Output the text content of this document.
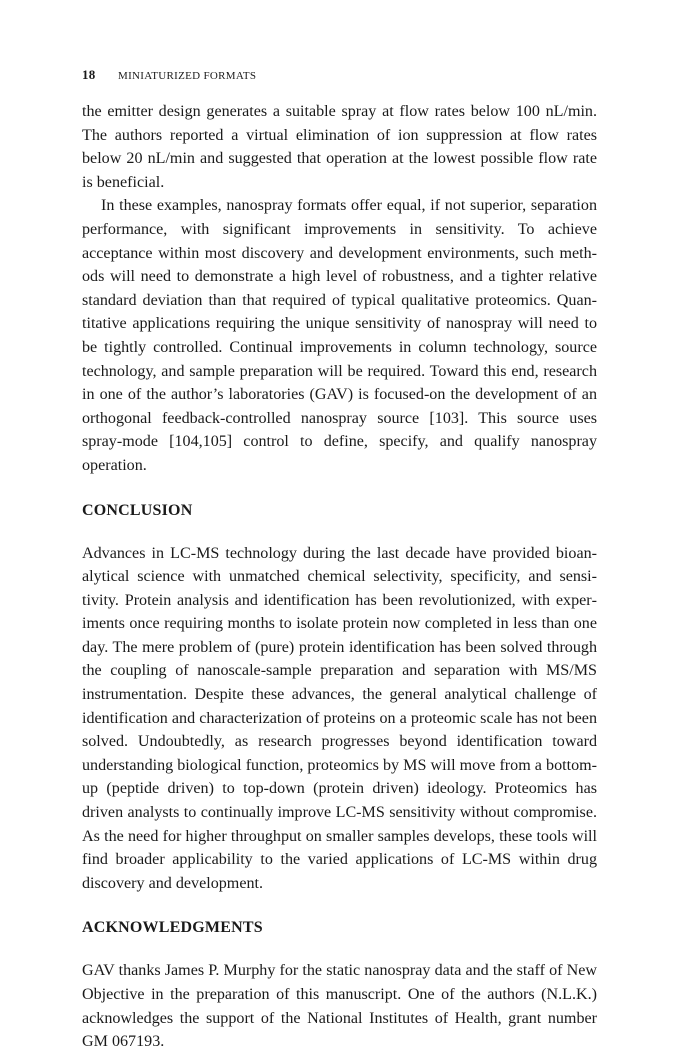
18 MINIATURIZED FORMATS

the emitter design generates a suitable spray at flow rates below 100 nL/min. The authors reported a virtual elimination of ion suppression at flow rates below 20 nL/min and suggested that operation at the lowest possible flow rate is beneficial.

In these examples, nanospray formats offer equal, if not superior, separation performance, with significant improvements in sensitivity. To achieve acceptance within most discovery and development environments, such methods will need to demonstrate a high level of robustness, and a tighter relative standard deviation than that required of typical qualitative proteomics. Quantitative applications requiring the unique sensitivity of nanospray will need to be tightly controlled. Continual improvements in column technology, source technology, and sample preparation will be required. Toward this end, research in one of the author’s laboratories (GAV) is focused-on the development of an orthogonal feedback-controlled nanospray source [103]. This source uses spray-mode [104,105] control to define, specify, and qualify nanospray operation.

CONCLUSION

Advances in LC-MS technology during the last decade have provided bioanalytical science with unmatched chemical selectivity, specificity, and sensitivity. Protein analysis and identification has been revolutionized, with experiments once requiring months to isolate protein now completed in less than one day. The mere problem of (pure) protein identification has been solved through the coupling of nanoscale-sample preparation and separation with MS/MS instrumentation. Despite these advances, the general analytical challenge of identification and characterization of proteins on a proteomic scale has not been solved. Undoubtedly, as research progresses beyond identification toward understanding biological function, proteomics by MS will move from a bottom-up (peptide driven) to top-down (protein driven) ideology. Proteomics has driven analysts to continually improve LC-MS sensitivity without compromise. As the need for higher throughput on smaller samples develops, these tools will find broader applicability to the varied applications of LC-MS within drug discovery and development.

ACKNOWLEDGMENTS

GAV thanks James P. Murphy for the static nanospray data and the staff of New Objective in the preparation of this manuscript. One of the authors (N.L.K.) acknowledges the support of the National Institutes of Health, grant number GM 067193.
